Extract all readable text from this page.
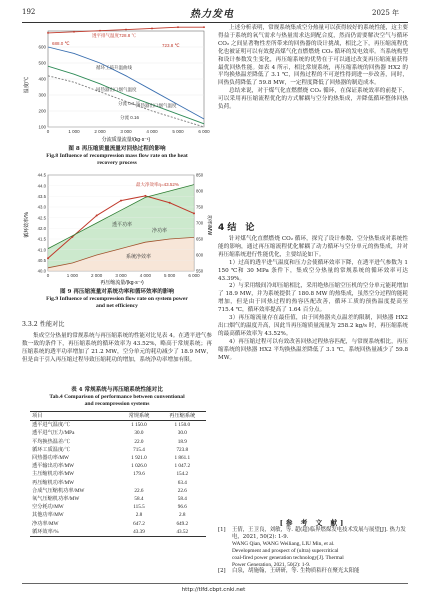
192	热力发电	2025 年
100
200
300
400
500
600
0	1 000	2 000	3 000	4 000	5 000	6 000
温度/℃
分流质量流量/(kg·s⁻¹)
透平排气温度728.8 ℃
688.0 ℃	723.8 ℃
循环工质升温曲线
回热器出口烟气温度
回热器出口烟气温度
分流 0.1 ℃
分流 0.16
图 8 再压缩质量流量对回热过程的影响
Fig.8 Influence of recompression mass flow rate on the heat
recovery process
40.0
40.5
41.0
41.5
42.0
42.5
43.0
43.5
44.0
44.5
550
600
650
700
750
800
850
0	1 000	2 000	3 000	4 000	5 000	6 000
循环效率/%	功率/MW
再压缩流量/(kg·s⁻¹)
最大净效率η=43.52%
透平功率
净功率
系统净效率
图 9 再压缩流量对系统功率和循环效率的影响
Fig.9 Influence of recompression flow rate on system power
and net efficiency
3.3.2 性能对比

集成空分热量的常规系统与再压缩系统的性能对比见表 4。在透平进气参数一致的条件下，再压缩系统的循环效率为 43.52%，略高于常规系统；再压缩系统的透平功率增加了 21.2 MW，空分单元的耗功减少了 18.9 MW，但是由于引入再压缩过程导致压缩耗功的增加，系统净功率增加有限。

表 4 常规系统与再压缩系统性能对比
Tab.4 Comparison of performance between conventional
and recompression systems
项目	常规系统	再压缩系统
透平进气温度/℃	1 150.0	1 150.0
透平进气压力/MPa	30.0	30.0
平均换热温差/℃	22.0	18.9
循环工质温度/℃	715.4	723.8
回热器功率/MW	1 921.0	1 861.1
透平输出功率/MW	1 026.0	1 047.2
主压缩机功率/MW	179.6	154.2
再压缩机功率/MW		63.4
合成气压缩机功率/MW	22.6	22.6
氧气压缩机功率/MW	58.4	58.4
空分耗功/MW	115.5	96.6
其他功率/MW	2.8	2.8
净功率/MW	647.2	649.2
循环效率/%	43.39	43.52

上述分析表明，常规系统集成空分热量可以获得较好的系统性能，这主要得益于系统的氧气需求与热量需求达到配合度，然而仍需要解决空气与循环 CO₂ 之间显著物性差所带来的回热器的设计挑战，相比之下，再压缩流程优化也被证明可以有效提高煤气化直燃燃烧 CO₂ 循环的发电效率。当系统构型和设计参数发生变化，再压缩系统的优势在于可以通过改变再压缩流量获得最优回热性能。如表 4 所示，相比常规系统，再压缩系统的回热器 HX2 的平均换热温差降低了 3.1 ℃，回热过程的不可逆性得到进一步改善，同时，回热负荷降低了 59.8 MW，一定程度降低了回热器的制造成本。

总结来说，对于煤气化直燃燃烧 CO₂ 循环，在保证系统效率的前提下，可以采用再压缩流程优化的方式解耦与空分的热集成，并降低循环整体回热负荷。

4 结　论

针对煤气化直燃燃烧 CO₂ 循环，探究了设计参数、空分热集成对系统性能的影响，通过再压缩流程优化解耦了动力循环与空分单元的热集成，并对再压缩系统进行性能优化，主要结论如下。

1）过高的透平进气温度和压力会使循环效率下降，在透平进气参数为 1 150 ℃和 30 MPa 条件下，集成空分热量的常规系统的循环效率可达 43.39%。

2）与采用级间冷却压缩相比，采用绝热压缩空压机的空分单元能耗增加了 18.9 MW，并为系统提供了 180.8 MW 的热集成，虽然空分过程的能耗增加，但是由于回热过程的热容匹配改善，循环工质的预热温度提高至 715.4 ℃，循环效率提高了 1.64 百分点。

3）再压缩流量存在最佳值，由于回热器夹点温差的限制，回热器 HX2 出口烟气的温度升高，因此当再压缩质量流量为 258.2 kg/s 时，再压缩系统的最高循环效率为 43.52%。

4）再压缩过程可以有效改善回热过程热容匹配，与常规系统相比，再压缩系统的回热器 HX2 平均换热温差降低了 3.1 ℃，系统回热量减少了 59.8 MW。

[参 考 文 献]
[1]	王倩，王卫良，刘敏，等. 超(超)临界燃煤发电技术发展与展望[J]. 热力发电，2021, 50(2): 1-9.
WANG Qian, WANG Weiliang, LIU Min, et al.
Development and prospect of (ultra) supercritical
coal-fired power generation technology[J]. Thermal
Power Generation, 2021, 50(2): 1-9.
[2]	白泉，胡施翰，王研研，等. 生物质秸秆在聚光太阳能
http://tlfd.cbpt.cnki.net
